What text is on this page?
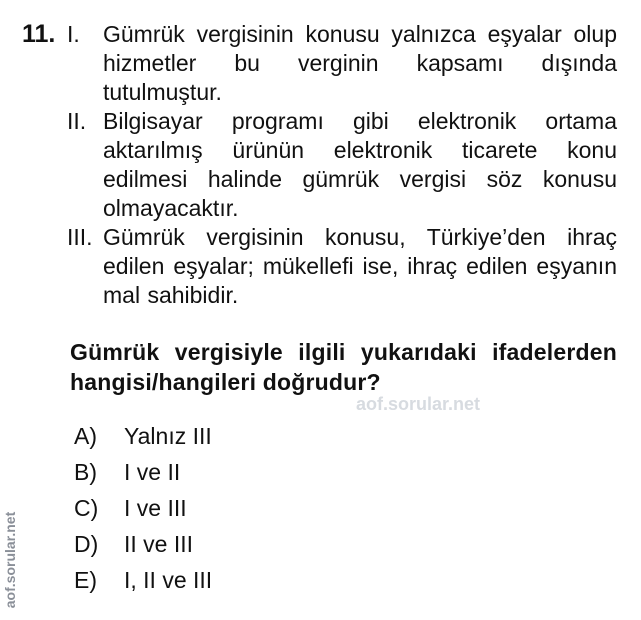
11. I. Gümrük vergisinin konusu yalnızca eşyalar olup hizmetler bu verginin kapsamı dışında tutulmuştur.
II. Bilgisayar programı gibi elektronik ortama aktarılmış ürünün elektronik ticarete konu edilmesi halinde gümrük vergisi söz konusu olmayacaktır.
III. Gümrük vergisinin konusu, Türkiye’den ihraç edilen eşyalar; mükellefi ise, ihraç edilen eşyanın mal sahibidir.
Gümrük vergisiyle ilgili yukarıdaki ifadelerden hangisi/hangileri doğrudur?
aof.sorular.net
aof.sorular.net
A) Yalnız III
B) I ve II
C) I ve III
D) II ve III
E) I, II ve III
